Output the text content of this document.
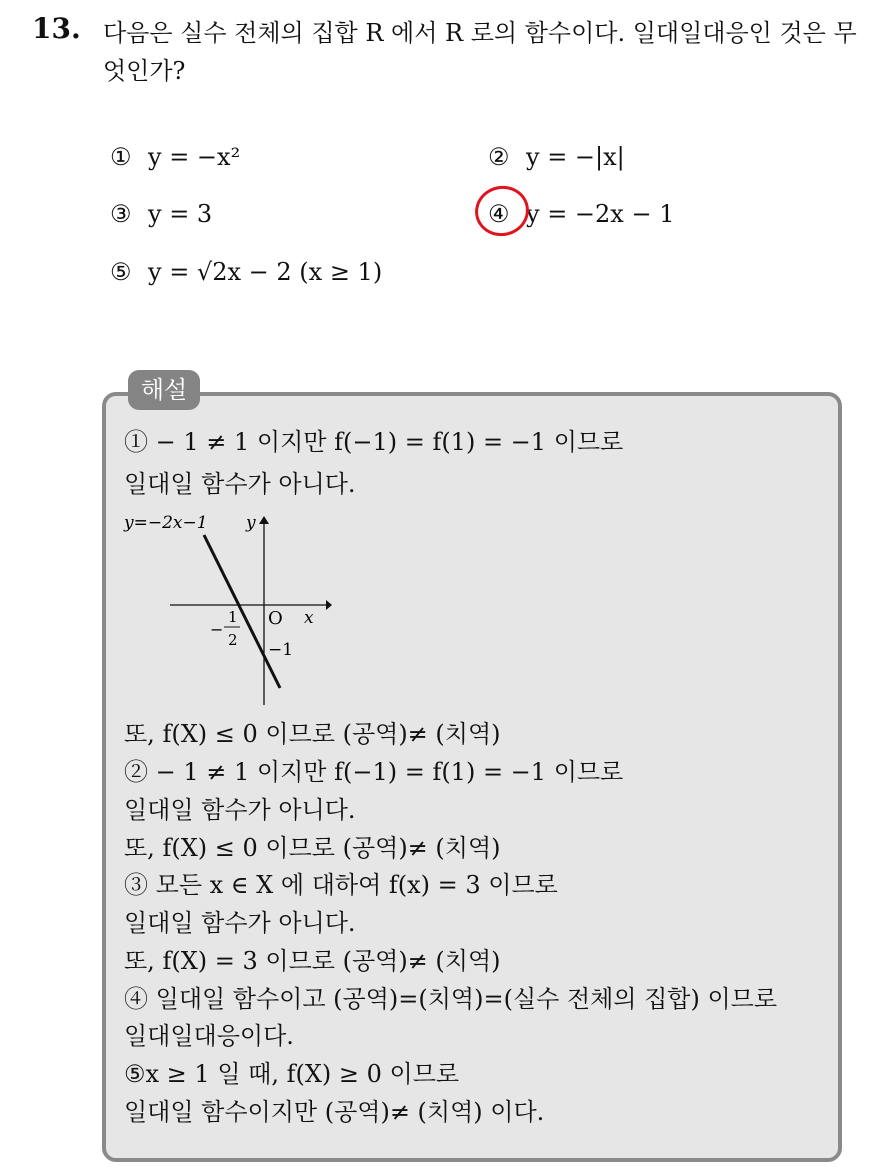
13. 다음은 실수 전체의 집합 R 에서 R 로의 함수이다. 일대일대응인 것은 무엇인가?
① y = −x²	② y = −|x|
③ y = 3	④ y = −2x − 1
⑤ y = √2x − 2 (x ≥ 1)
해설
① − 1 ≠ 1 이지만 f(−1) = f(1) = −1 이므로
일대일 함수가 아니다.
y=−2x−1 y
x
O
−
1
2 −1
또, f(X) ≤ 0 이므로 (공역)≠ (치역)
② − 1 ≠ 1 이지만 f(−1) = f(1) = −1 이므로
일대일 함수가 아니다.
또, f(X) ≤ 0 이므로 (공역)≠ (치역)
③ 모든 x ∈ X 에 대하여 f(x) = 3 이므로
일대일 함수가 아니다.
또, f(X) = 3 이므로 (공역)≠ (치역)
④ 일대일 함수이고 (공역)=(치역)=(실수 전체의 집합) 이므로
일대일대응이다.
⑤x ≥ 1 일 때, f(X) ≥ 0 이므로
일대일 함수이지만 (공역)≠ (치역) 이다.
